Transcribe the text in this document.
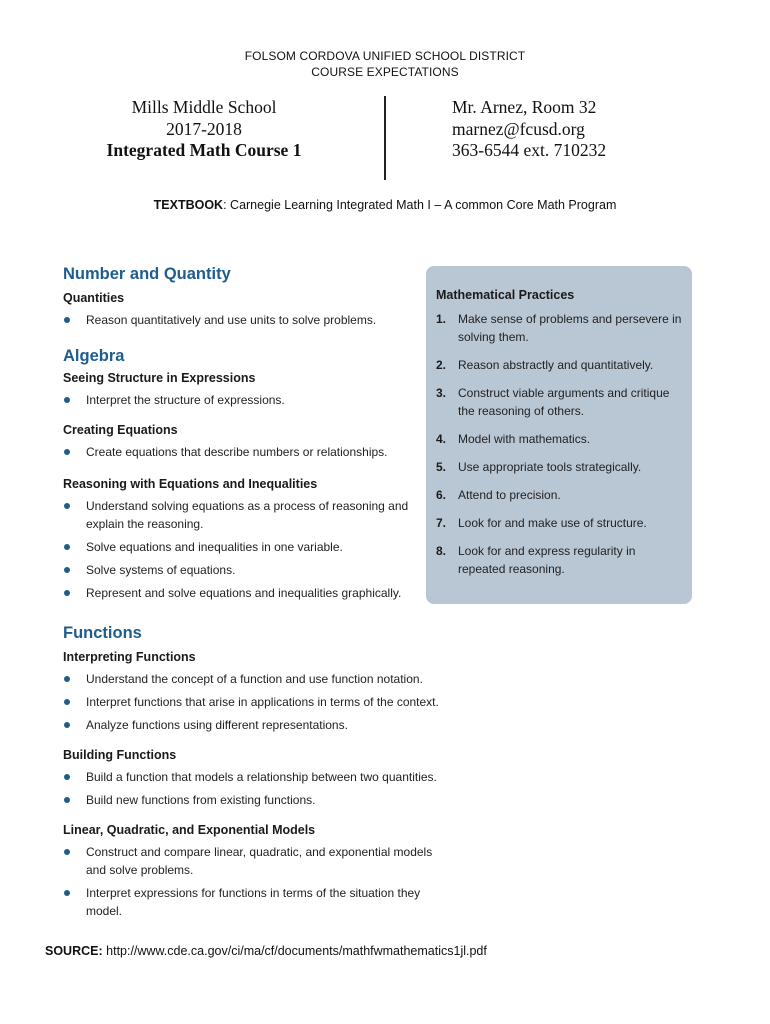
FOLSOM CORDOVA UNIFIED SCHOOL DISTRICT
COURSE EXPECTATIONS
Mills Middle School
2017-2018
Integrated Math Course 1
Mr. Arnez, Room 32
marnez@fcusd.org
363-6544 ext. 710232
TEXTBOOK: Carnegie Learning Integrated Math I – A common Core Math Program
Number and Quantity
Quantities
Reason quantitatively and use units to solve problems.
Algebra
Seeing Structure in Expressions
Interpret the structure of expressions.
Creating Equations
Create equations that describe numbers or relationships.
Reasoning with Equations and Inequalities
Understand solving equations as a process of reasoning and explain the reasoning.
Solve equations and inequalities in one variable.
Solve systems of equations.
Represent and solve equations and inequalities graphically.
Functions
Interpreting Functions
Understand the concept of a function and use function notation.
Interpret functions that arise in applications in terms of the context.
Analyze functions using different representations.
Building Functions
Build a function that models a relationship between two quantities.
Build new functions from existing functions.
Linear, Quadratic, and Exponential Models
Construct and compare linear, quadratic, and exponential models and solve problems.
Interpret expressions for functions in terms of the situation they model.
Mathematical Practices
1. Make sense of problems and persevere in solving them.
2. Reason abstractly and quantitatively.
3. Construct viable arguments and critique the reasoning of others.
4. Model with mathematics.
5. Use appropriate tools strategically.
6. Attend to precision.
7. Look for and make use of structure.
8. Look for and express regularity in repeated reasoning.
SOURCE: http://www.cde.ca.gov/ci/ma/cf/documents/mathfwmathematics1jl.pdf
